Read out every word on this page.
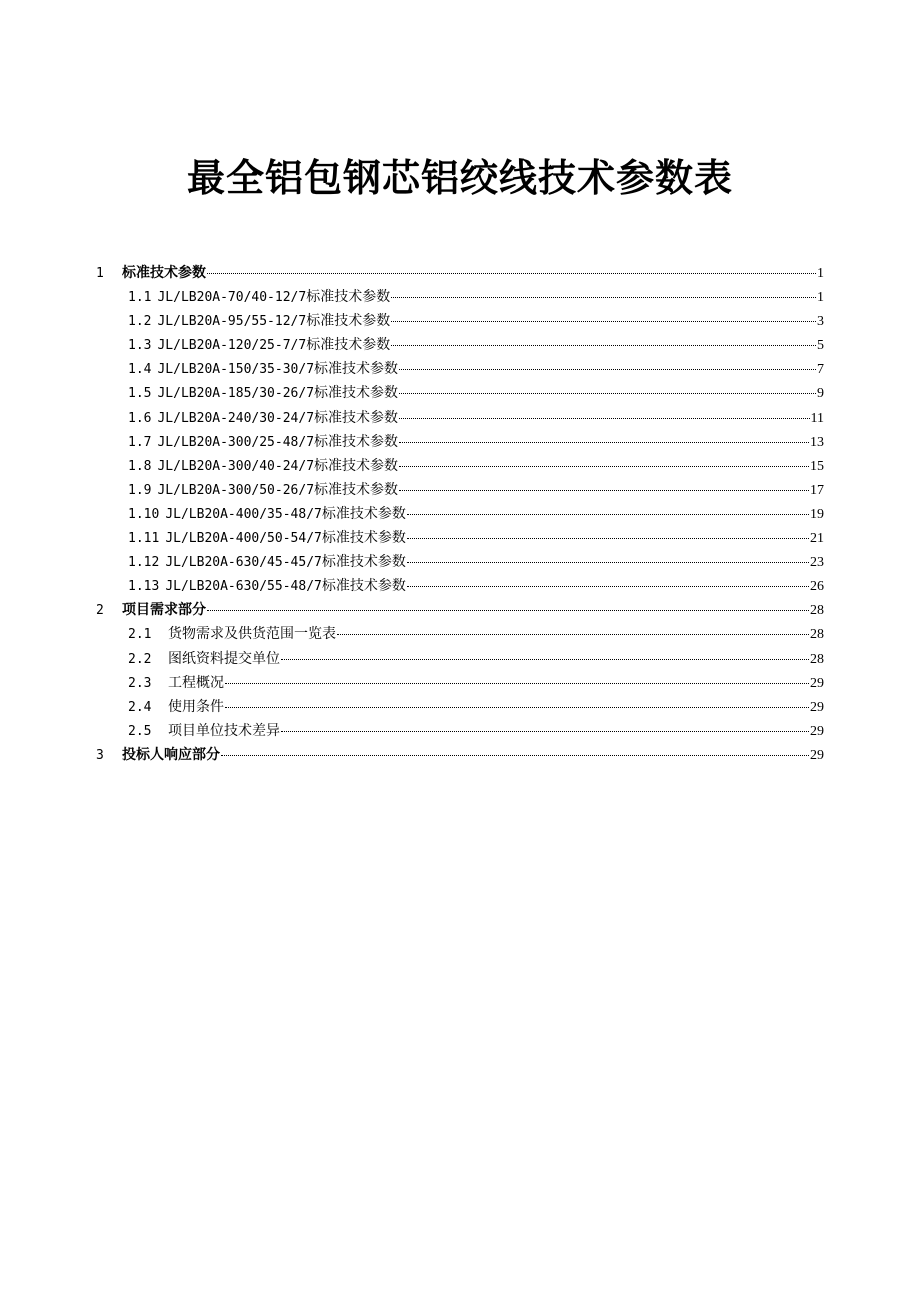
最全铝包钢芯铝绞线技术参数表
1	标准技术参数	1
1.1 JL/LB20A-70/40-12/7 标准技术参数	1
1.2 JL/LB20A-95/55-12/7 标准技术参数	3
1.3 JL/LB20A-120/25-7/7 标准技术参数	5
1.4 JL/LB20A-150/35-30/7 标准技术参数	7
1.5 JL/LB20A-185/30-26/7 标准技术参数	9
1.6 JL/LB20A-240/30-24/7 标准技术参数	11
1.7 JL/LB20A-300/25-48/7 标准技术参数	13
1.8 JL/LB20A-300/40-24/7 标准技术参数	15
1.9 JL/LB20A-300/50-26/7 标准技术参数	17
1.10 JL/LB20A-400/35-48/7 标准技术参数	19
1.11 JL/LB20A-400/50-54/7 标准技术参数	21
1.12 JL/LB20A-630/45-45/7 标准技术参数	23
1.13 JL/LB20A-630/55-48/7 标准技术参数	26
2	项目需求部分	28
2.1	货物需求及供货范围一览表	28
2.2	图纸资料提交单位	28
2.3	工程概况	29
2.4	使用条件	29
2.5	项目单位技术差异	29
3	投标人响应部分	29
